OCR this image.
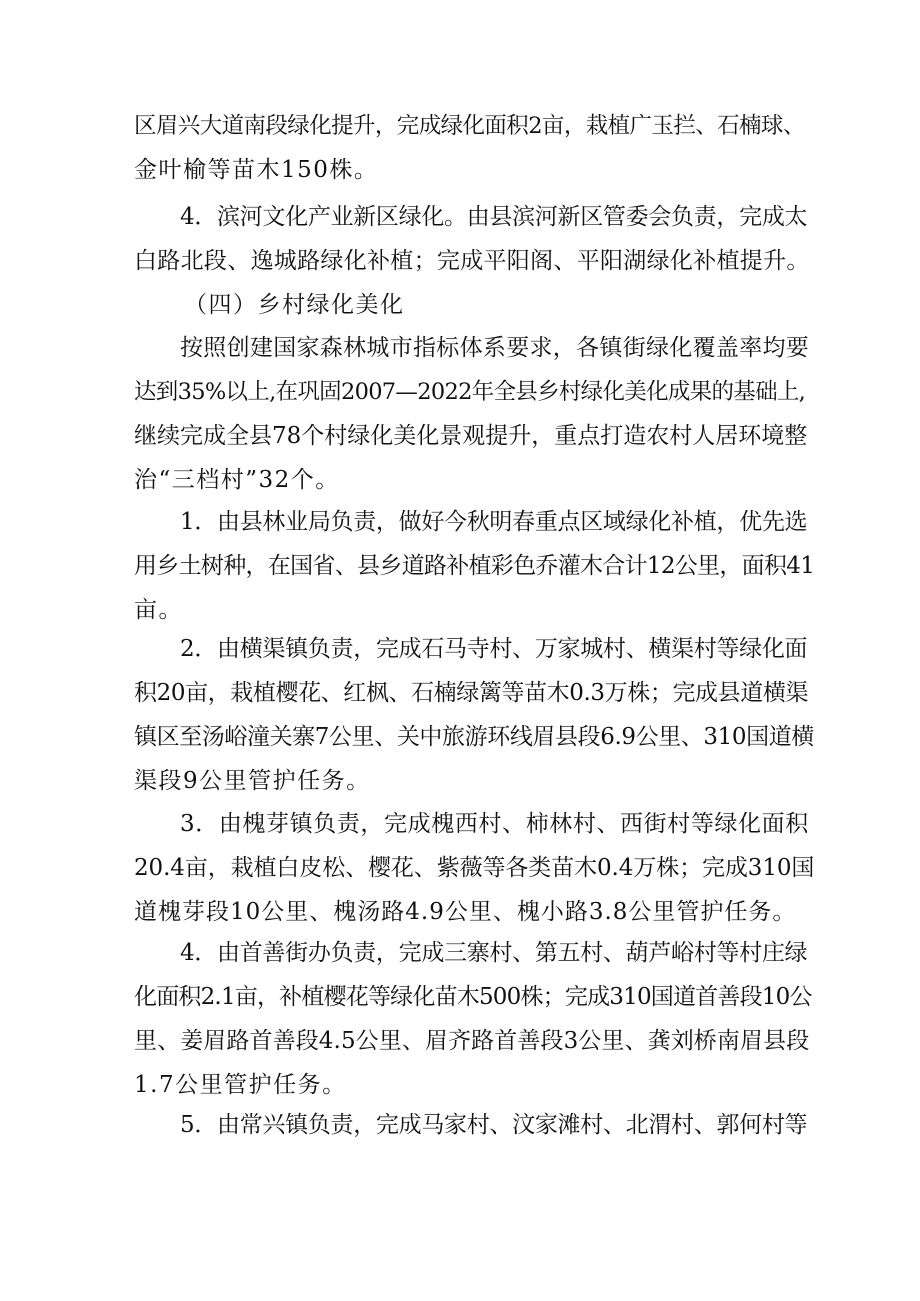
区眉兴大道南段绿化提升，完成绿化面积2亩，栽植广玉拦、石楠球、
金叶榆等苗木150株。

4．滨河文化产业新区绿化。由县滨河新区管委会负责，完成太
白路北段、逸城路绿化补植；完成平阳阁、平阳湖绿化补植提升。

（四）乡村绿化美化

按照创建国家森林城市指标体系要求，各镇街绿化覆盖率均要
达到35%以上,在巩固2007—2022年全县乡村绿化美化成果的基础上,
继续完成全县78个村绿化美化景观提升，重点打造农村人居环境整
治“三档村”32个。

1．由县林业局负责，做好今秋明春重点区域绿化补植，优先选
用乡土树种，在国省、县乡道路补植彩色乔灌木合计12公里，面积41
亩。

2．由横渠镇负责，完成石马寺村、万家城村、横渠村等绿化面
积20亩，栽植樱花、红枫、石楠绿篱等苗木0.3万株；完成县道横渠
镇区至汤峪潼关寨7公里、关中旅游环线眉县段6.9公里、310国道横
渠段9公里管护任务。

3．由槐芽镇负责，完成槐西村、柿林村、西街村等绿化面积
20.4亩，栽植白皮松、樱花、紫薇等各类苗木0.4万株；完成310国
道槐芽段10公里、槐汤路4.9公里、槐小路3.8公里管护任务。

4．由首善街办负责，完成三寨村、第五村、葫芦峪村等村庄绿
化面积2.1亩，补植樱花等绿化苗木500株；完成310国道首善段10公
里、姜眉路首善段4.5公里、眉齐路首善段3公里、龚刘桥南眉县段
1.7公里管护任务。

5．由常兴镇负责，完成马家村、汶家滩村、北渭村、郭何村等
